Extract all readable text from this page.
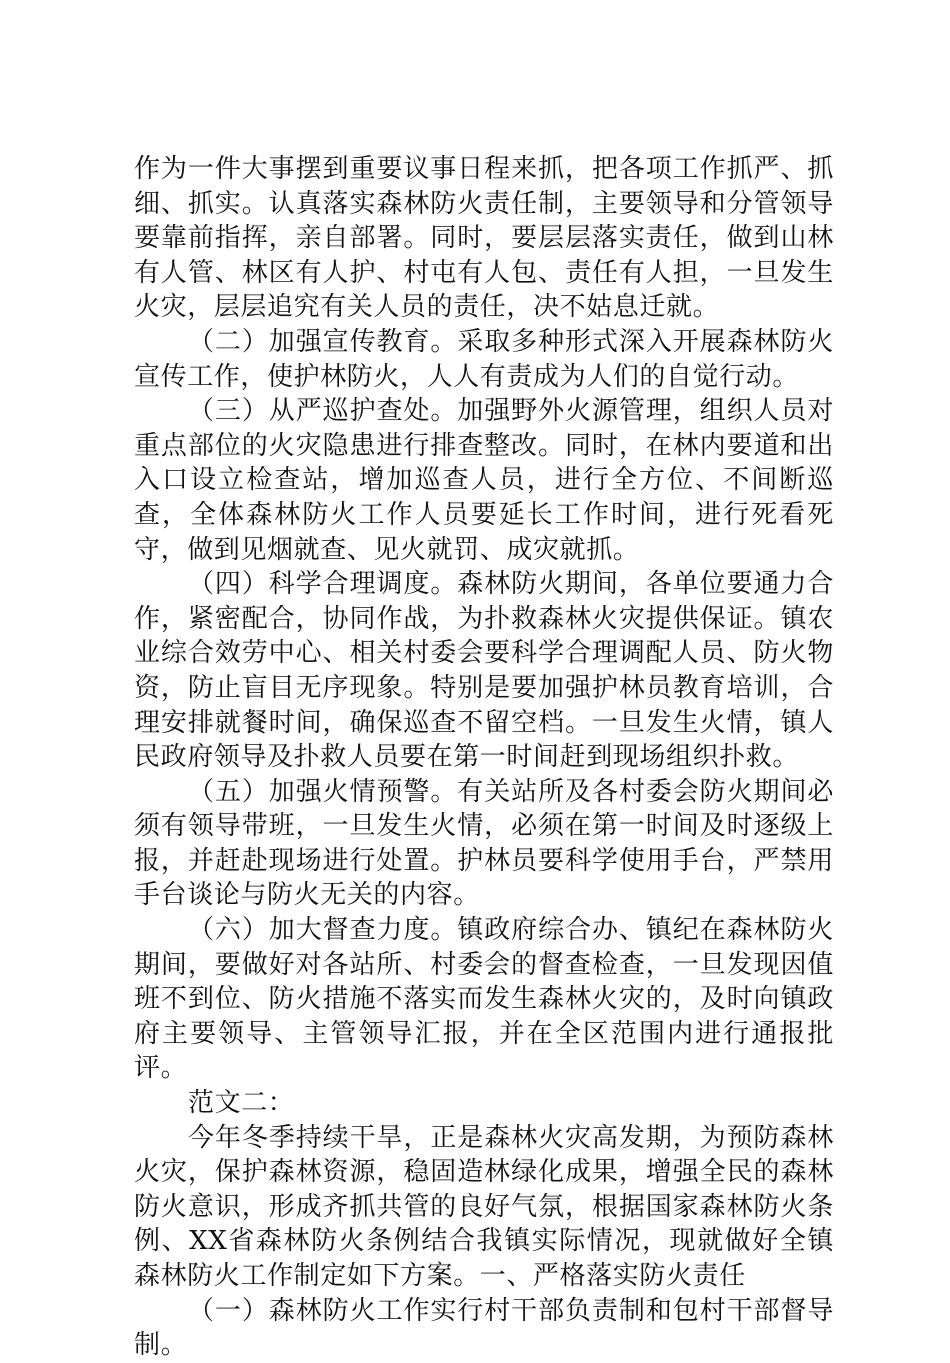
作为一件大事摆到重要议事日程来抓，把各项工作抓严、抓细、抓实。认真落实森林防火责任制，主要领导和分管领导要靠前指挥，亲自部署。同时，要层层落实责任，做到山林有人管、林区有人护、村屯有人包、责任有人担，一旦发生火灾，层层追究有关人员的责任，决不姑息迁就。

（二）加强宣传教育。采取多种形式深入开展森林防火宣传工作，使护林防火，人人有责成为人们的自觉行动。

（三）从严巡护查处。加强野外火源管理，组织人员对重点部位的火灾隐患进行排查整改。同时，在林内要道和出入口设立检查站，增加巡查人员，进行全方位、不间断巡查，全体森林防火工作人员要延长工作时间，进行死看死守，做到见烟就查、见火就罚、成灾就抓。

（四）科学合理调度。森林防火期间，各单位要通力合作，紧密配合，协同作战，为扑救森林火灾提供保证。镇农业综合效劳中心、相关村委会要科学合理调配人员、防火物资，防止盲目无序现象。特别是要加强护林员教育培训，合理安排就餐时间，确保巡查不留空档。一旦发生火情，镇人民政府领导及扑救人员要在第一时间赶到现场组织扑救。

（五）加强火情预警。有关站所及各村委会防火期间必须有领导带班，一旦发生火情，必须在第一时间及时逐级上报，并赶赴现场进行处置。护林员要科学使用手台，严禁用手台谈论与防火无关的内容。

（六）加大督查力度。镇政府综合办、镇纪在森林防火期间，要做好对各站所、村委会的督查检查，一旦发现因值班不到位、防火措施不落实而发生森林火灾的，及时向镇政府主要领导、主管领导汇报，并在全区范围内进行通报批评。

范文二：

今年冬季持续干旱，正是森林火灾高发期，为预防森林火灾，保护森林资源，稳固造林绿化成果，增强全民的森林防火意识，形成齐抓共管的良好气氛，根据国家森林防火条例、XX省森林防火条例结合我镇实际情况，现就做好全镇森林防火工作制定如下方案。一、严格落实防火责任

（一）森林防火工作实行村干部负责制和包村干部督导制。
